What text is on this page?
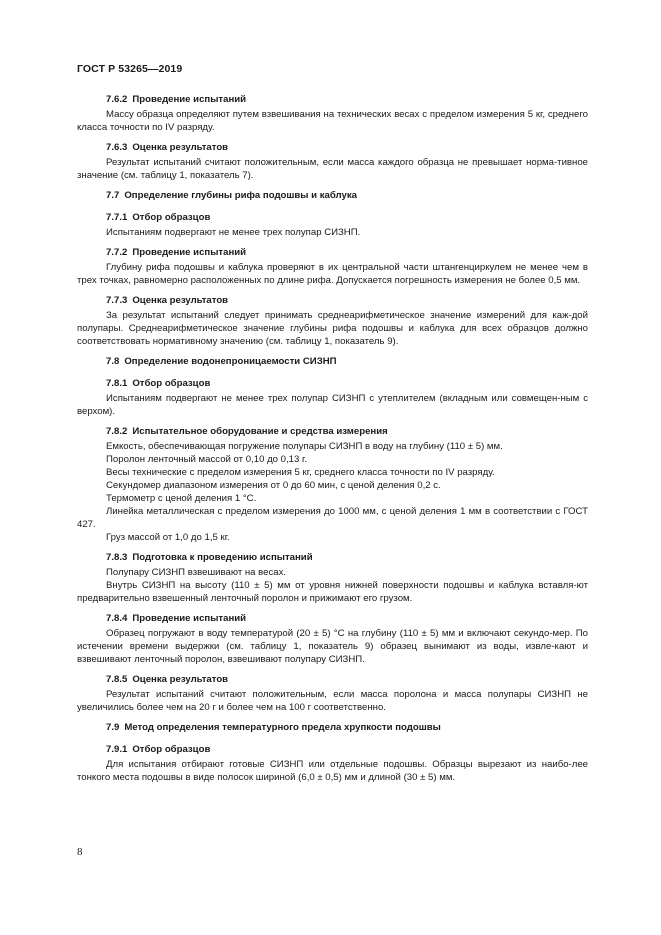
ГОСТ Р 53265—2019
7.6.2 Проведение испытаний

Массу образца определяют путем взвешивания на технических весах с пределом измерения 5 кг, среднего класса точности по IV разряду.

7.6.3 Оценка результатов

Результат испытаний считают положительным, если масса каждого образца не превышает норма-тивное значение (см. таблицу 1, показатель 7).

7.7 Определение глубины рифа подошвы и каблука
7.7.1 Отбор образцов

Испытаниям подвергают не менее трех полупар СИЗНП.

7.7.2 Проведение испытаний

Глубину рифа подошвы и каблука проверяют в их центральной части штангенциркулем не менее чем в трех точках, равномерно расположенных по длине рифа. Допускается погрешность измерения не более 0,5 мм.

7.7.3 Оценка результатов

За результат испытаний следует принимать среднеарифметическое значение измерений для каж-дой полупары. Среднеарифметическое значение глубины рифа подошвы и каблука для всех образцов должно соответствовать нормативному значению (см. таблицу 1, показатель 9).

7.8 Определение водонепроницаемости СИЗНП
7.8.1 Отбор образцов

Испытаниям подвергают не менее трех полупар СИЗНП с утеплителем (вкладным или совмещен-ным с верхом).

7.8.2 Испытательное оборудование и средства измерения

Емкость, обеспечивающая погружение полупары СИЗНП в воду на глубину (110 ± 5) мм.

Поролон ленточный массой от 0,10 до 0,13 г.

Весы технические с пределом измерения 5 кг, среднего класса точности по IV разряду.

Секундомер диапазоном измерения от 0 до 60 мин, с ценой деления 0,2 с.

Термометр с ценой деления 1 °С.

Линейка металлическая с пределом измерения до 1000 мм, с ценой деления 1 мм в соответствии с ГОСТ 427.

Груз массой от 1,0 до 1,5 кг.

7.8.3 Подготовка к проведению испытаний

Полупару СИЗНП взвешивают на весах.

Внутрь СИЗНП на высоту (110 ± 5) мм от уровня нижней поверхности подошвы и каблука вставля-ют предварительно взвешенный ленточный поролон и прижимают его грузом.

7.8.4 Проведение испытаний

Образец погружают в воду температурой (20 ± 5) °С на глубину (110 ± 5) мм и включают секундо-мер. По истечении времени выдержки (см. таблицу 1, показатель 9) образец вынимают из воды, извле-кают и взвешивают ленточный поролон, взвешивают полупару СИЗНП.

7.8.5 Оценка результатов

Результат испытаний считают положительным, если масса поролона и масса полупары СИЗНП не увеличились более чем на 20 г и более чем на 100 г соответственно.

7.9 Метод определения температурного предела хрупкости подошвы
7.9.1 Отбор образцов

Для испытания отбирают готовые СИЗНП или отдельные подошвы. Образцы вырезают из наибо-лее тонкого места подошвы в виде полосок шириной (6,0 ± 0,5) мм и длиной (30 ± 5) мм.

8
